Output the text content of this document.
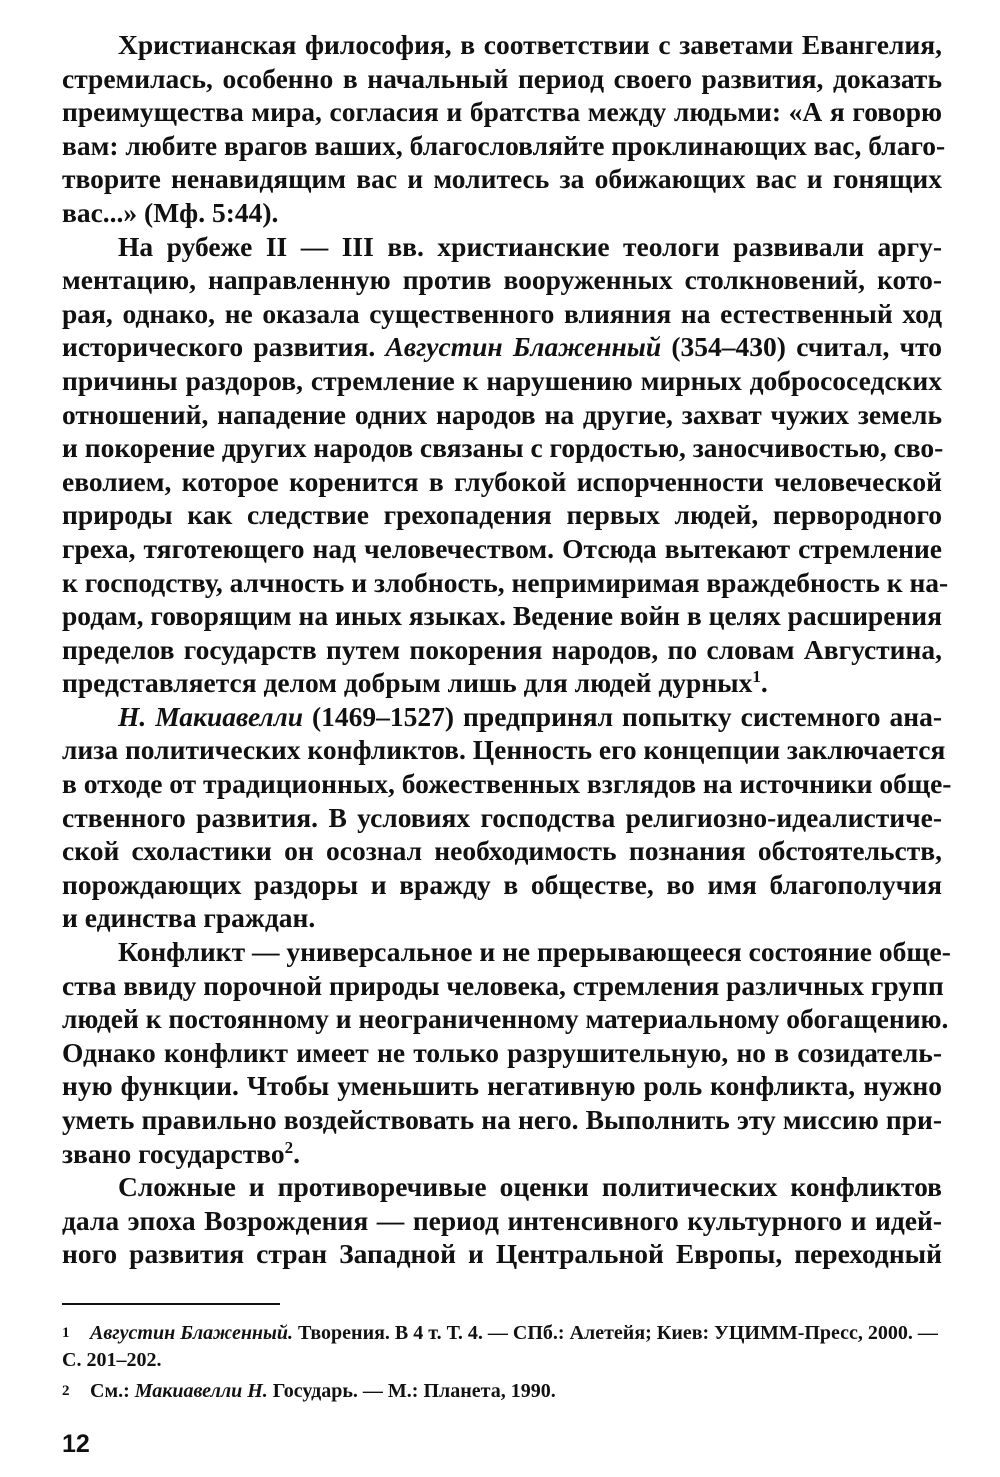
Христианская философия, в соответствии с заветами Евангелия,
стремилась, особенно в начальный период своего развития, доказать
преимущества мира, согласия и братства между людьми: «А я говорю
вам: любите врагов ваших, благословляйте проклинающих вас, благо-
творите ненавидящим вас и молитесь за обижающих вас и гонящих
вас...» (Мф. 5:44).

На рубеже II — III вв. христианские теологи развивали аргу-
ментацию, направленную против вооруженных столкновений, кото-
рая, однако, не оказала существенного влияния на естественный ход
исторического развития. Августин Блаженный (354–430) считал, что
причины раздоров, стремление к нарушению мирных добрососедских
отношений, нападение одних народов на другие, захват чужих земель
и покорение других народов связаны с гордостью, заносчивостью, сво-
еволием, которое коренится в глубокой испорченности человеческой
природы как следствие грехопадения первых людей, первородного
греха, тяготеющего над человечеством. Отсюда вытекают стремление
к господству, алчность и злобность, непримиримая враждебность к на-
родам, говорящим на иных языках. Ведение войн в целях расширения
пределов государств путем покорения народов, по словам Августина,
представляется делом добрым лишь для людей дурных$^1$.

Н. Макиавелли (1469–1527) предпринял попытку системного ана-
лиза политических конфликтов. Ценность его концепции заключается
в отходе от традиционных, божественных взглядов на источники обще-
ственного развития. В условиях господства религиозно-идеалистиче-
ской схоластики он осознал необходимость познания обстоятельств,
порождающих раздоры и вражду в обществе, во имя благополучия
и единства граждан.

Конфликт — универсальное и не прерывающееся состояние обще-
ства ввиду порочной природы человека, стремления различных групп
людей к постоянному и неограниченному материальному обогащению.
Однако конфликт имеет не только разрушительную, но в созидатель-
ную функции. Чтобы уменьшить негативную роль конфликта, нужно
уметь правильно воздействовать на него. Выполнить эту миссию при-
звано государство$^2$.

Сложные и противоречивые оценки политических конфликтов
дала эпоха Возрождения — период интенсивного культурного и идей-
ного развития стран Западной и Центральной Европы, переходный

1 Августин Блаженный. Творения. В 4 т. Т. 4. — СПб.: Алетейя; Киев: УЦИММ-Пресс, 2000. — С. 201–202.

2 См.: Макиавелли Н. Государь. — М.: Планета, 1990.

12
